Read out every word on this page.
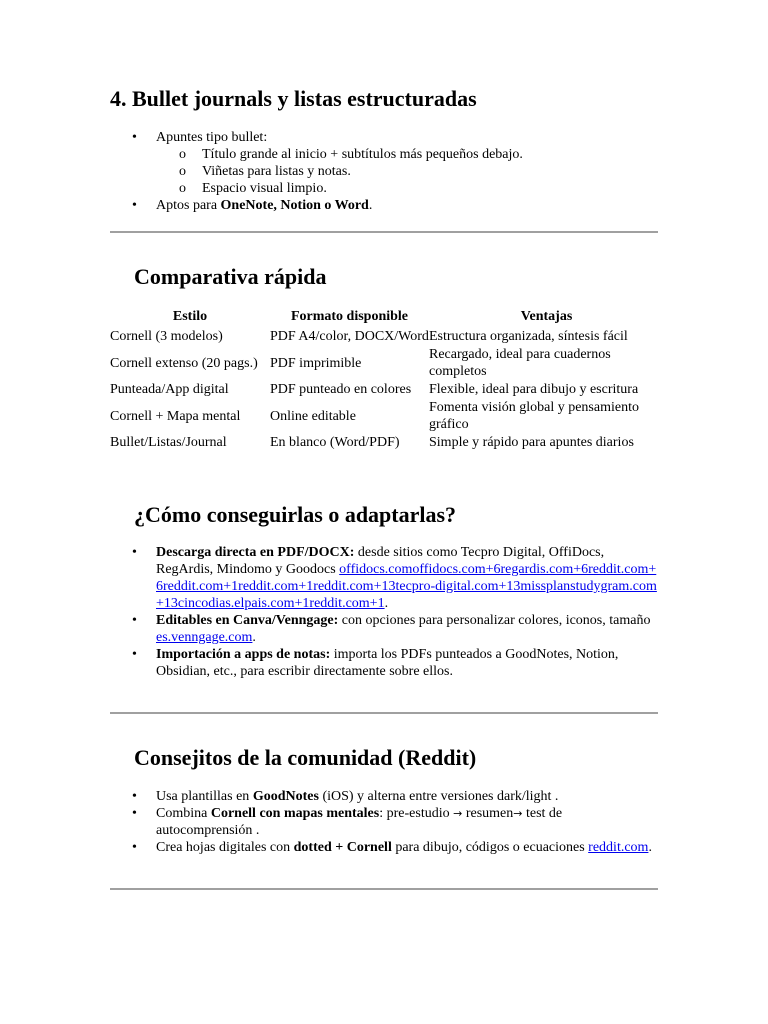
4. Bullet journals y listas estructuradas
• Apuntes tipo bullet:
o Título grande al inicio + subtítulos más pequeños debajo.
o Viñetas para listas y notas.
o Espacio visual limpio.
• Aptos para OneNote, Notion o Word.
Comparativa rápida
Estilo	Formato disponible	Ventajas
Cornell (3 modelos)	PDF A4/color, DOCX/Word	Estructura organizada, síntesis fácil
Cornell extenso (20 pags.)	PDF imprimible	Recargado, ideal para cuadernos completos
Punteada/App digital	PDF punteado en colores	Flexible, ideal para dibujo y escritura
Cornell + Mapa mental	Online editable	Fomenta visión global y pensamiento gráfico
Bullet/Listas/Journal	En blanco (Word/PDF)	Simple y rápido para apuntes diarios
¿Cómo conseguirlas o adaptarlas?
• Descarga directa en PDF/DOCX: desde sitios como Tecpro Digital, OffiDocs, RegArdis, Mindomo y Goodocs offidocs.comoffidocs.com+6regardis.com+6reddit.com+6reddit.com+1reddit.com+1reddit.com+13tecpro-digital.com+13missplanstudygram.com+13cincodias.elpais.com+1reddit.com+1.
• Editables en Canva/Venngage: con opciones para personalizar colores, iconos, tamaño es.venngage.com.
• Importación a apps de notas: importa los PDFs punteados a GoodNotes, Notion, Obsidian, etc., para escribir directamente sobre ellos.
Consejitos de la comunidad (Reddit)
• Usa plantillas en GoodNotes (iOS) y alterna entre versiones dark/light .
• Combina Cornell con mapas mentales: pre-estudio → resumen→ test de autocomprensión .
• Crea hojas digitales con dotted + Cornell para dibujo, códigos o ecuaciones reddit.com.
